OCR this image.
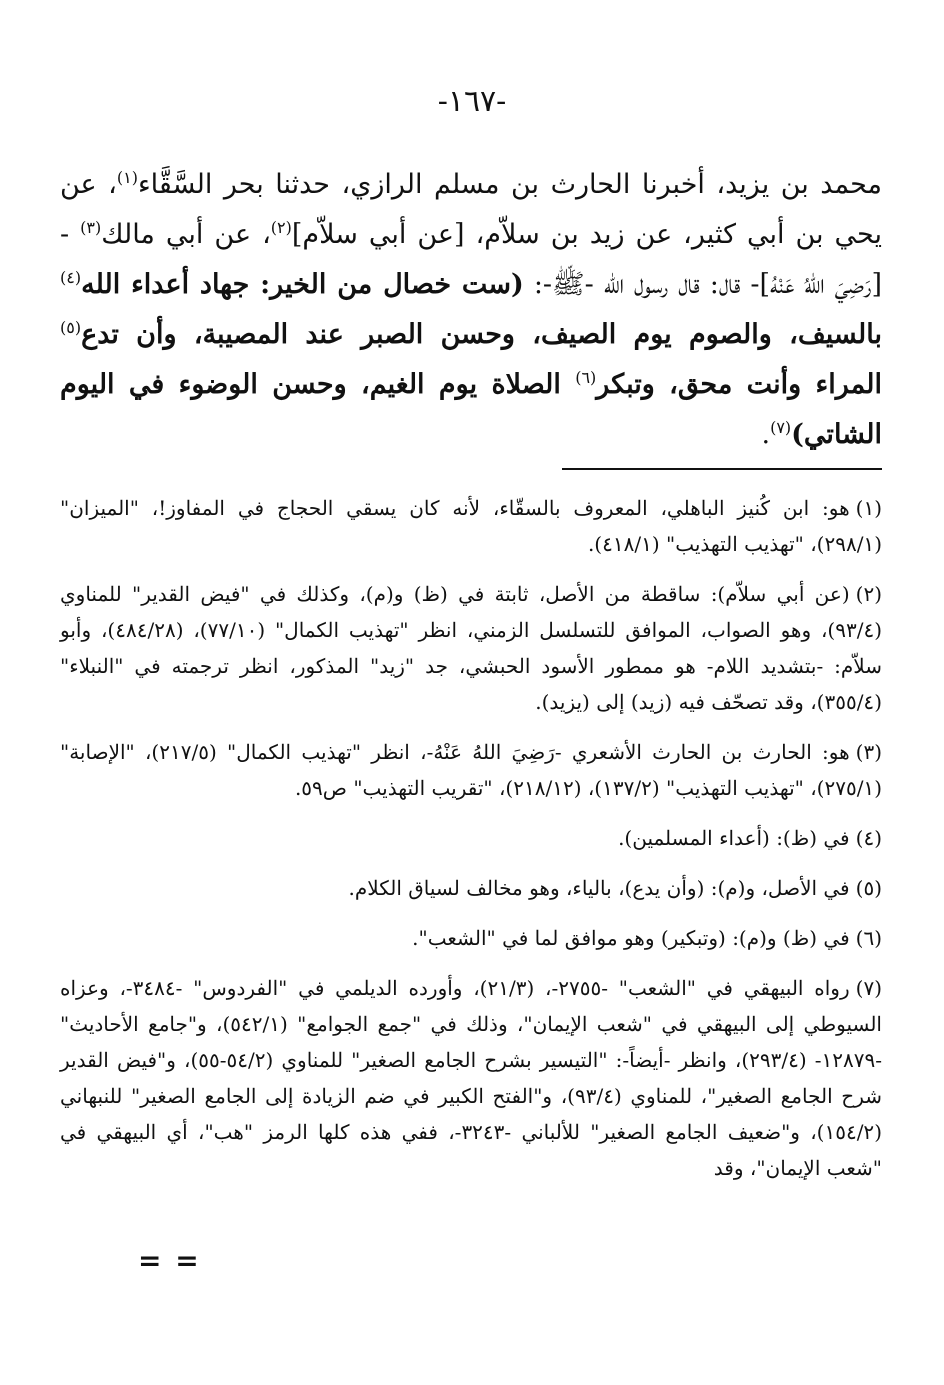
-١٦٧-
محمد بن يزيد، أخبرنا الحارث بن مسلم الرازي، حدثنا بحر السَّقَّاء$^{(١)}$، عن يحي بن أبي كثير، عن زيد بن سلاّم، [عن أبي سلاّم]$^{(٢)}$، عن أبي مالك$^{(٣)}$ -[رَضِيَ اللهُ عَنْهُ]- قال: قال رسول الله -ﷺ-: (ست خصال من الخير: جهاد أعداء الله$^{(٤)}$ بالسيف، والصوم يوم الصيف، وحسن الصبر عند المصيبة، وأن تدع$^{(٥)}$ المراء وأنت محق، وتبكر$^{(٦)}$ الصلاة يوم الغيم، وحسن الوضوء في اليوم الشاتي)$^{(٧)}$.

(١)هو: ابن كُنيز الباهلي، المعروف بالسقّاء، لأنه كان يسقي الحجاج في المفاوز!، "الميزان" (٢٩٨/١)، "تهذيب التهذيب" (٤١٨/١).

(٢)(عن أبي سلاّم): ساقطة من الأصل، ثابتة في (ظ) و(م)، وكذلك في "فيض القدير" للمناوي (٩٣/٤)، وهو الصواب، الموافق للتسلسل الزمني، انظر "تهذيب الكمال" (٧٧/١٠)، (٤٨٤/٢٨)، وأبو سلاّم: -بتشديد اللام- هو ممطور الأسود الحبشي، جد "زيد" المذكور، انظر ترجمته في "النبلاء" (٣٥٥/٤)، وقد تصحّف فيه (زيد) إلى (يزيد).

(٣)هو: الحارث بن الحارث الأشعري -رَضِيَ اللهُ عَنْهُ-، انظر "تهذيب الكمال" (٢١٧/٥)، "الإصابة" (٢٧٥/١)، "تهذيب التهذيب" (١٣٧/٢)، (٢١٨/١٢)، "تقريب التهذيب" ص٥٩.

(٤)في (ظ): (أعداء المسلمين).

(٥)في الأصل، و(م): (وأن يدع)، بالياء، وهو مخالف لسياق الكلام.

(٦)في (ظ) و(م): (وتبكير) وهو موافق لما في "الشعب".

(٧)رواه البيهقي في "الشعب" -٢٧٥٥-، (٢١/٣)، وأورده الديلمي في "الفردوس" -٣٤٨٤-، وعزاه السيوطي إلى البيهقي في "شعب الإيمان"، وذلك في "جمع الجوامع" (٥٤٢/١)، و"جامع الأحاديث" -١٢٨٧٩- (٢٩٣/٤)، وانظر -أيضاً-: "التيسير بشرح الجامع الصغير" للمناوي (٥٤/٢-٥٥)، و"فيض القدير شرح الجامع الصغير"، للمناوي (٩٣/٤)، و"الفتح الكبير في ضم الزيادة إلى الجامع الصغير" للنبهاني (١٥٤/٢)، و"ضعيف الجامع الصغير" للألباني -٣٢٤٣-، ففي هذه كلها الرمز "هب"، أي البيهقي في "شعب الإيمان"، وقد

= =
